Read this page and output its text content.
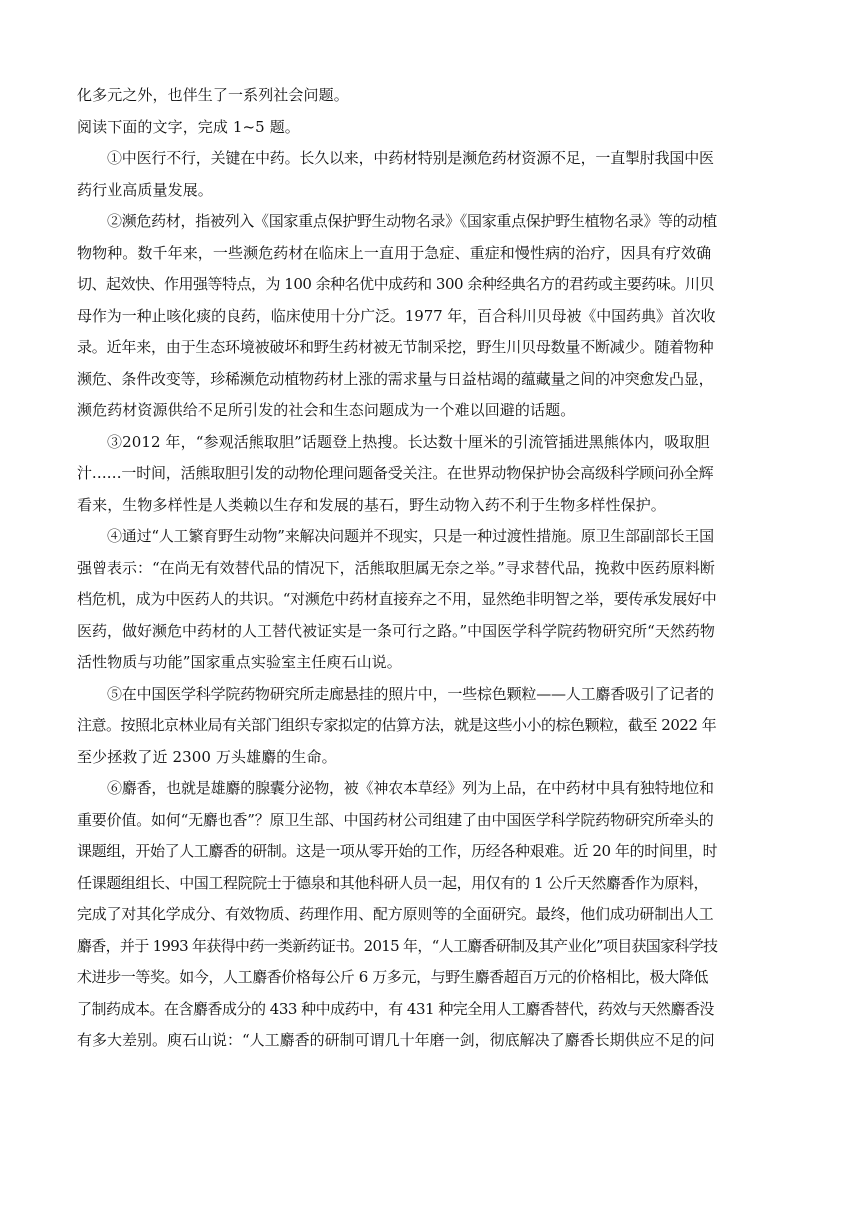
化多元之外，也伴生了一系列社会问题。
阅读下面的文字，完成 1~5 题。
①中医行不行，关键在中药。长久以来，中药材特别是濒危药材资源不足，一直掣肘我国中医
药行业高质量发展。
②濒危药材，指被列入《国家重点保护野生动物名录》《国家重点保护野生植物名录》等的动植
物物种。数千年来，一些濒危药材在临床上一直用于急症、重症和慢性病的治疗，因具有疗效确
切、起效快、作用强等特点，为 100 余种名优中成药和 300 余种经典名方的君药或主要药味。川贝
母作为一种止咳化痰的良药，临床使用十分广泛。1977 年，百合科川贝母被《中国药典》首次收
录。近年来，由于生态环境被破坏和野生药材被无节制采挖，野生川贝母数量不断减少。随着物种
濒危、条件改变等，珍稀濒危动植物药材上涨的需求量与日益枯竭的蕴藏量之间的冲突愈发凸显，
濒危药材资源供给不足所引发的社会和生态问题成为一个难以回避的话题。
③2012 年，“参观活熊取胆”话题登上热搜。长达数十厘米的引流管插进黑熊体内，吸取胆
汁……一时间，活熊取胆引发的动物伦理问题备受关注。在世界动物保护协会高级科学顾问孙全辉
看来，生物多样性是人类赖以生存和发展的基石，野生动物入药不利于生物多样性保护。
④通过“人工繁育野生动物”来解决问题并不现实，只是一种过渡性措施。原卫生部副部长王国
强曾表示：“在尚无有效替代品的情况下，活熊取胆属无奈之举。”寻求替代品，挽救中医药原料断
档危机，成为中医药人的共识。“对濒危中药材直接弃之不用，显然绝非明智之举，要传承发展好中
医药，做好濒危中药材的人工替代被证实是一条可行之路。”中国医学科学院药物研究所“天然药物
活性物质与功能”国家重点实验室主任庾石山说。
⑤在中国医学科学院药物研究所走廊悬挂的照片中，一些棕色颗粒——人工麝香吸引了记者的
注意。按照北京林业局有关部门组织专家拟定的估算方法，就是这些小小的棕色颗粒，截至 2022 年
至少拯救了近 2300 万头雄麝的生命。
⑥麝香，也就是雄麝的腺囊分泌物，被《神农本草经》列为上品，在中药材中具有独特地位和
重要价值。如何“无麝也香”？原卫生部、中国药材公司组建了由中国医学科学院药物研究所牵头的
课题组，开始了人工麝香的研制。这是一项从零开始的工作，历经各种艰难。近 20 年的时间里，时
任课题组组长、中国工程院院士于德泉和其他科研人员一起，用仅有的 1 公斤天然麝香作为原料，
完成了对其化学成分、有效物质、药理作用、配方原则等的全面研究。最终，他们成功研制出人工
麝香，并于 1993 年获得中药一类新药证书。2015 年，“人工麝香研制及其产业化”项目获国家科学技
术进步一等奖。如今，人工麝香价格每公斤 6 万多元，与野生麝香超百万元的价格相比，极大降低
了制药成本。在含麝香成分的 433 种中成药中，有 431 种完全用人工麝香替代，药效与天然麝香没
有多大差别。庾石山说：“人工麝香的研制可谓几十年磨一剑，彻底解决了麝香长期供应不足的问
